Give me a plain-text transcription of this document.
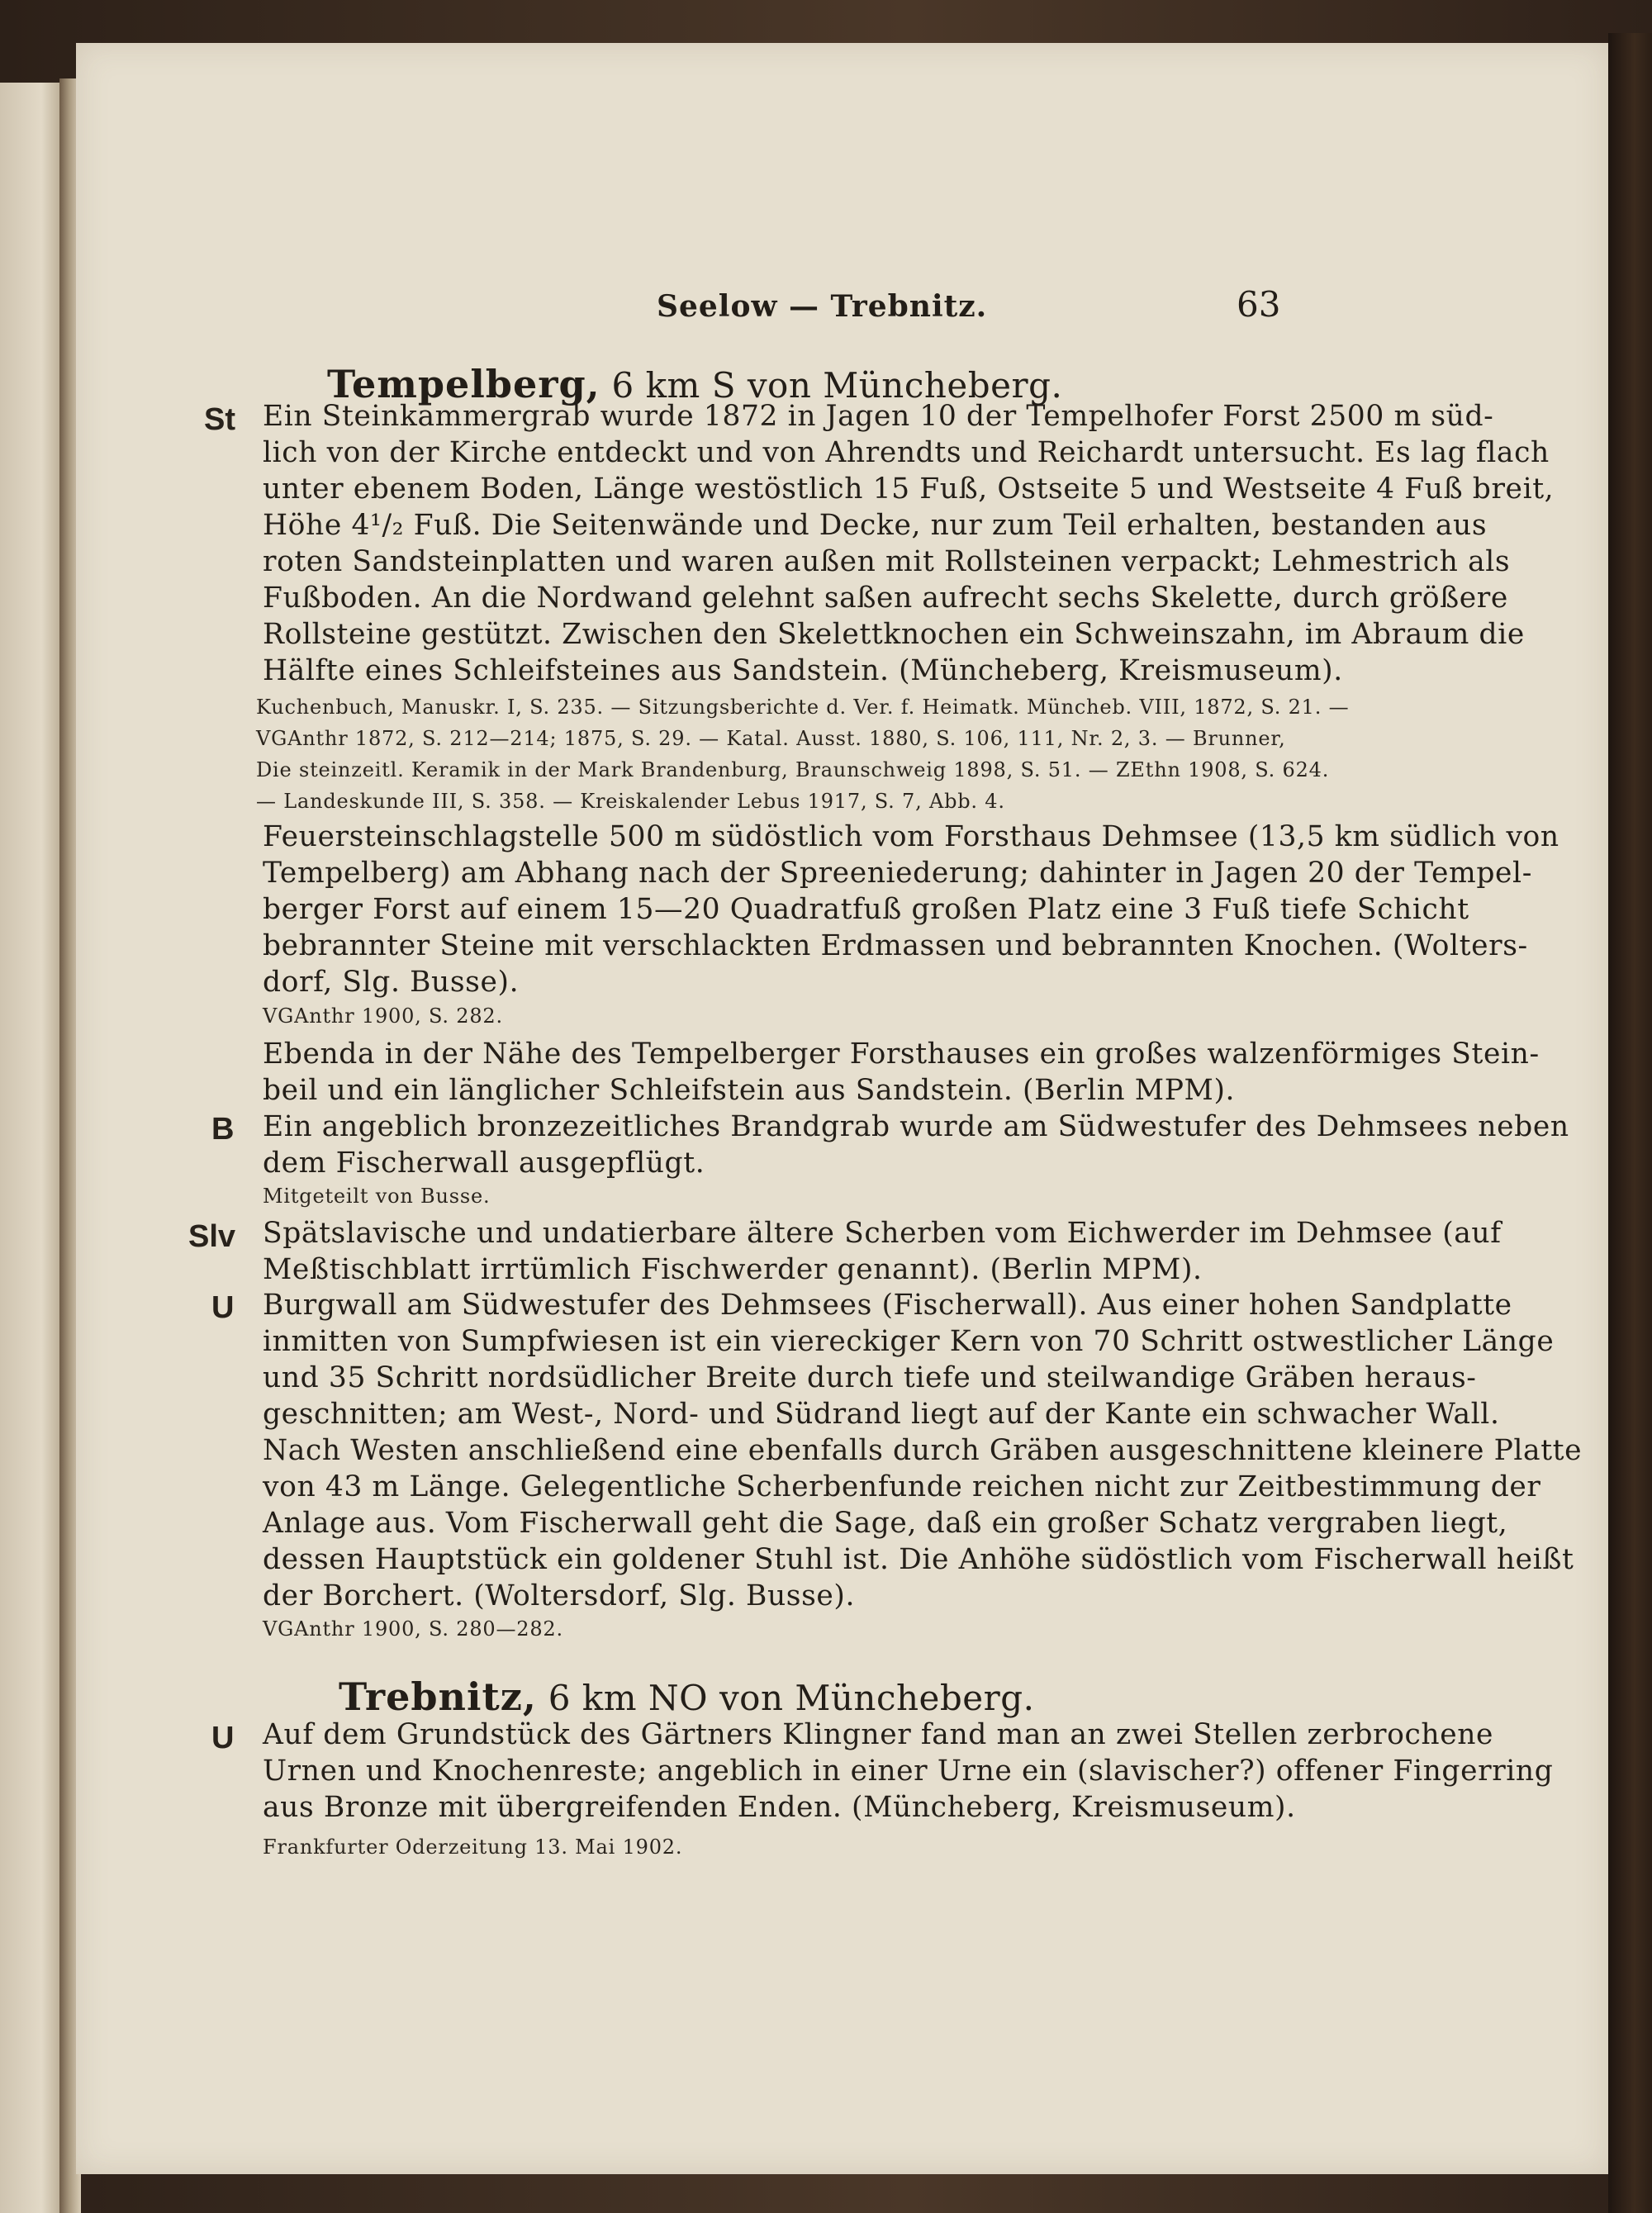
Seelow — Trebnitz.	63
Tempelberg, 6 km S von Müncheberg.
St Ein Steinkammergrab wurde 1872 in Jagen 10 der Tempelhofer Forst 2500 m süd-
lich von der Kirche entdeckt und von Ahrendts und Reichardt untersucht. Es lag flach
unter ebenem Boden, Länge westöstlich 15 Fuß, Ostseite 5 und Westseite 4 Fuß breit,
Höhe 4¹/₂ Fuß. Die Seitenwände und Decke, nur zum Teil erhalten, bestanden aus
roten Sandsteinplatten und waren außen mit Rollsteinen verpackt; Lehmestrich als
Fußboden. An die Nordwand gelehnt saßen aufrecht sechs Skelette, durch größere
Rollsteine gestützt. Zwischen den Skelettknochen ein Schweinszahn, im Abraum die
Hälfte eines Schleifsteines aus Sandstein. (Müncheberg, Kreismuseum).
Kuchenbuch, Manuskr. I, S. 235. — Sitzungsberichte d. Ver. f. Heimatk. Müncheb. VIII, 1872, S. 21. —
VGAnthr 1872, S. 212—214; 1875, S. 29. — Katal. Ausst. 1880, S. 106, 111, Nr. 2, 3. — Brunner,
Die steinzeitl. Keramik in der Mark Brandenburg, Braunschweig 1898, S. 51. — ZEthn 1908, S. 624.
— Landeskunde III, S. 358. — Kreiskalender Lebus 1917, S. 7, Abb. 4.
Feuersteinschlagstelle 500 m südöstlich vom Forsthaus Dehmsee (13,5 km südlich von
Tempelberg) am Abhang nach der Spreeniederung; dahinter in Jagen 20 der Tempel-
berger Forst auf einem 15—20 Quadratfuß großen Platz eine 3 Fuß tiefe Schicht
bebrannter Steine mit verschlackten Erdmassen und bebrannten Knochen. (Wolters-
dorf, Slg. Busse).
VGAnthr 1900, S. 282.
Ebenda in der Nähe des Tempelberger Forsthauses ein großes walzenförmiges Stein-
beil und ein länglicher Schleifstein aus Sandstein. (Berlin MPM).
B Ein angeblich bronzezeitliches Brandgrab wurde am Südwestufer des Dehmsees neben
dem Fischerwall ausgepflügt.
Mitgeteilt von Busse.
Slv Spätslavische und undatierbare ältere Scherben vom Eichwerder im Dehmsee (auf
Meßtischblatt irrtümlich Fischwerder genannt). (Berlin MPM).
U Burgwall am Südwestufer des Dehmsees (Fischerwall). Aus einer hohen Sandplatte
inmitten von Sumpfwiesen ist ein viereckiger Kern von 70 Schritt ostwestlicher Länge
und 35 Schritt nordsüdlicher Breite durch tiefe und steilwandige Gräben heraus-
geschnitten; am West-, Nord- und Südrand liegt auf der Kante ein schwacher Wall.
Nach Westen anschließend eine ebenfalls durch Gräben ausgeschnittene kleinere Platte
von 43 m Länge. Gelegentliche Scherbenfunde reichen nicht zur Zeitbestimmung der
Anlage aus. Vom Fischerwall geht die Sage, daß ein großer Schatz vergraben liegt,
dessen Hauptstück ein goldener Stuhl ist. Die Anhöhe südöstlich vom Fischerwall heißt
der Borchert. (Woltersdorf, Slg. Busse).
VGAnthr 1900, S. 280—282.
Trebnitz, 6 km NO von Müncheberg.
U Auf dem Grundstück des Gärtners Klingner fand man an zwei Stellen zerbrochene
Urnen und Knochenreste; angeblich in einer Urne ein (slavischer?) offener Fingerring
aus Bronze mit übergreifenden Enden. (Müncheberg, Kreismuseum).
Frankfurter Oderzeitung 13. Mai 1902.
